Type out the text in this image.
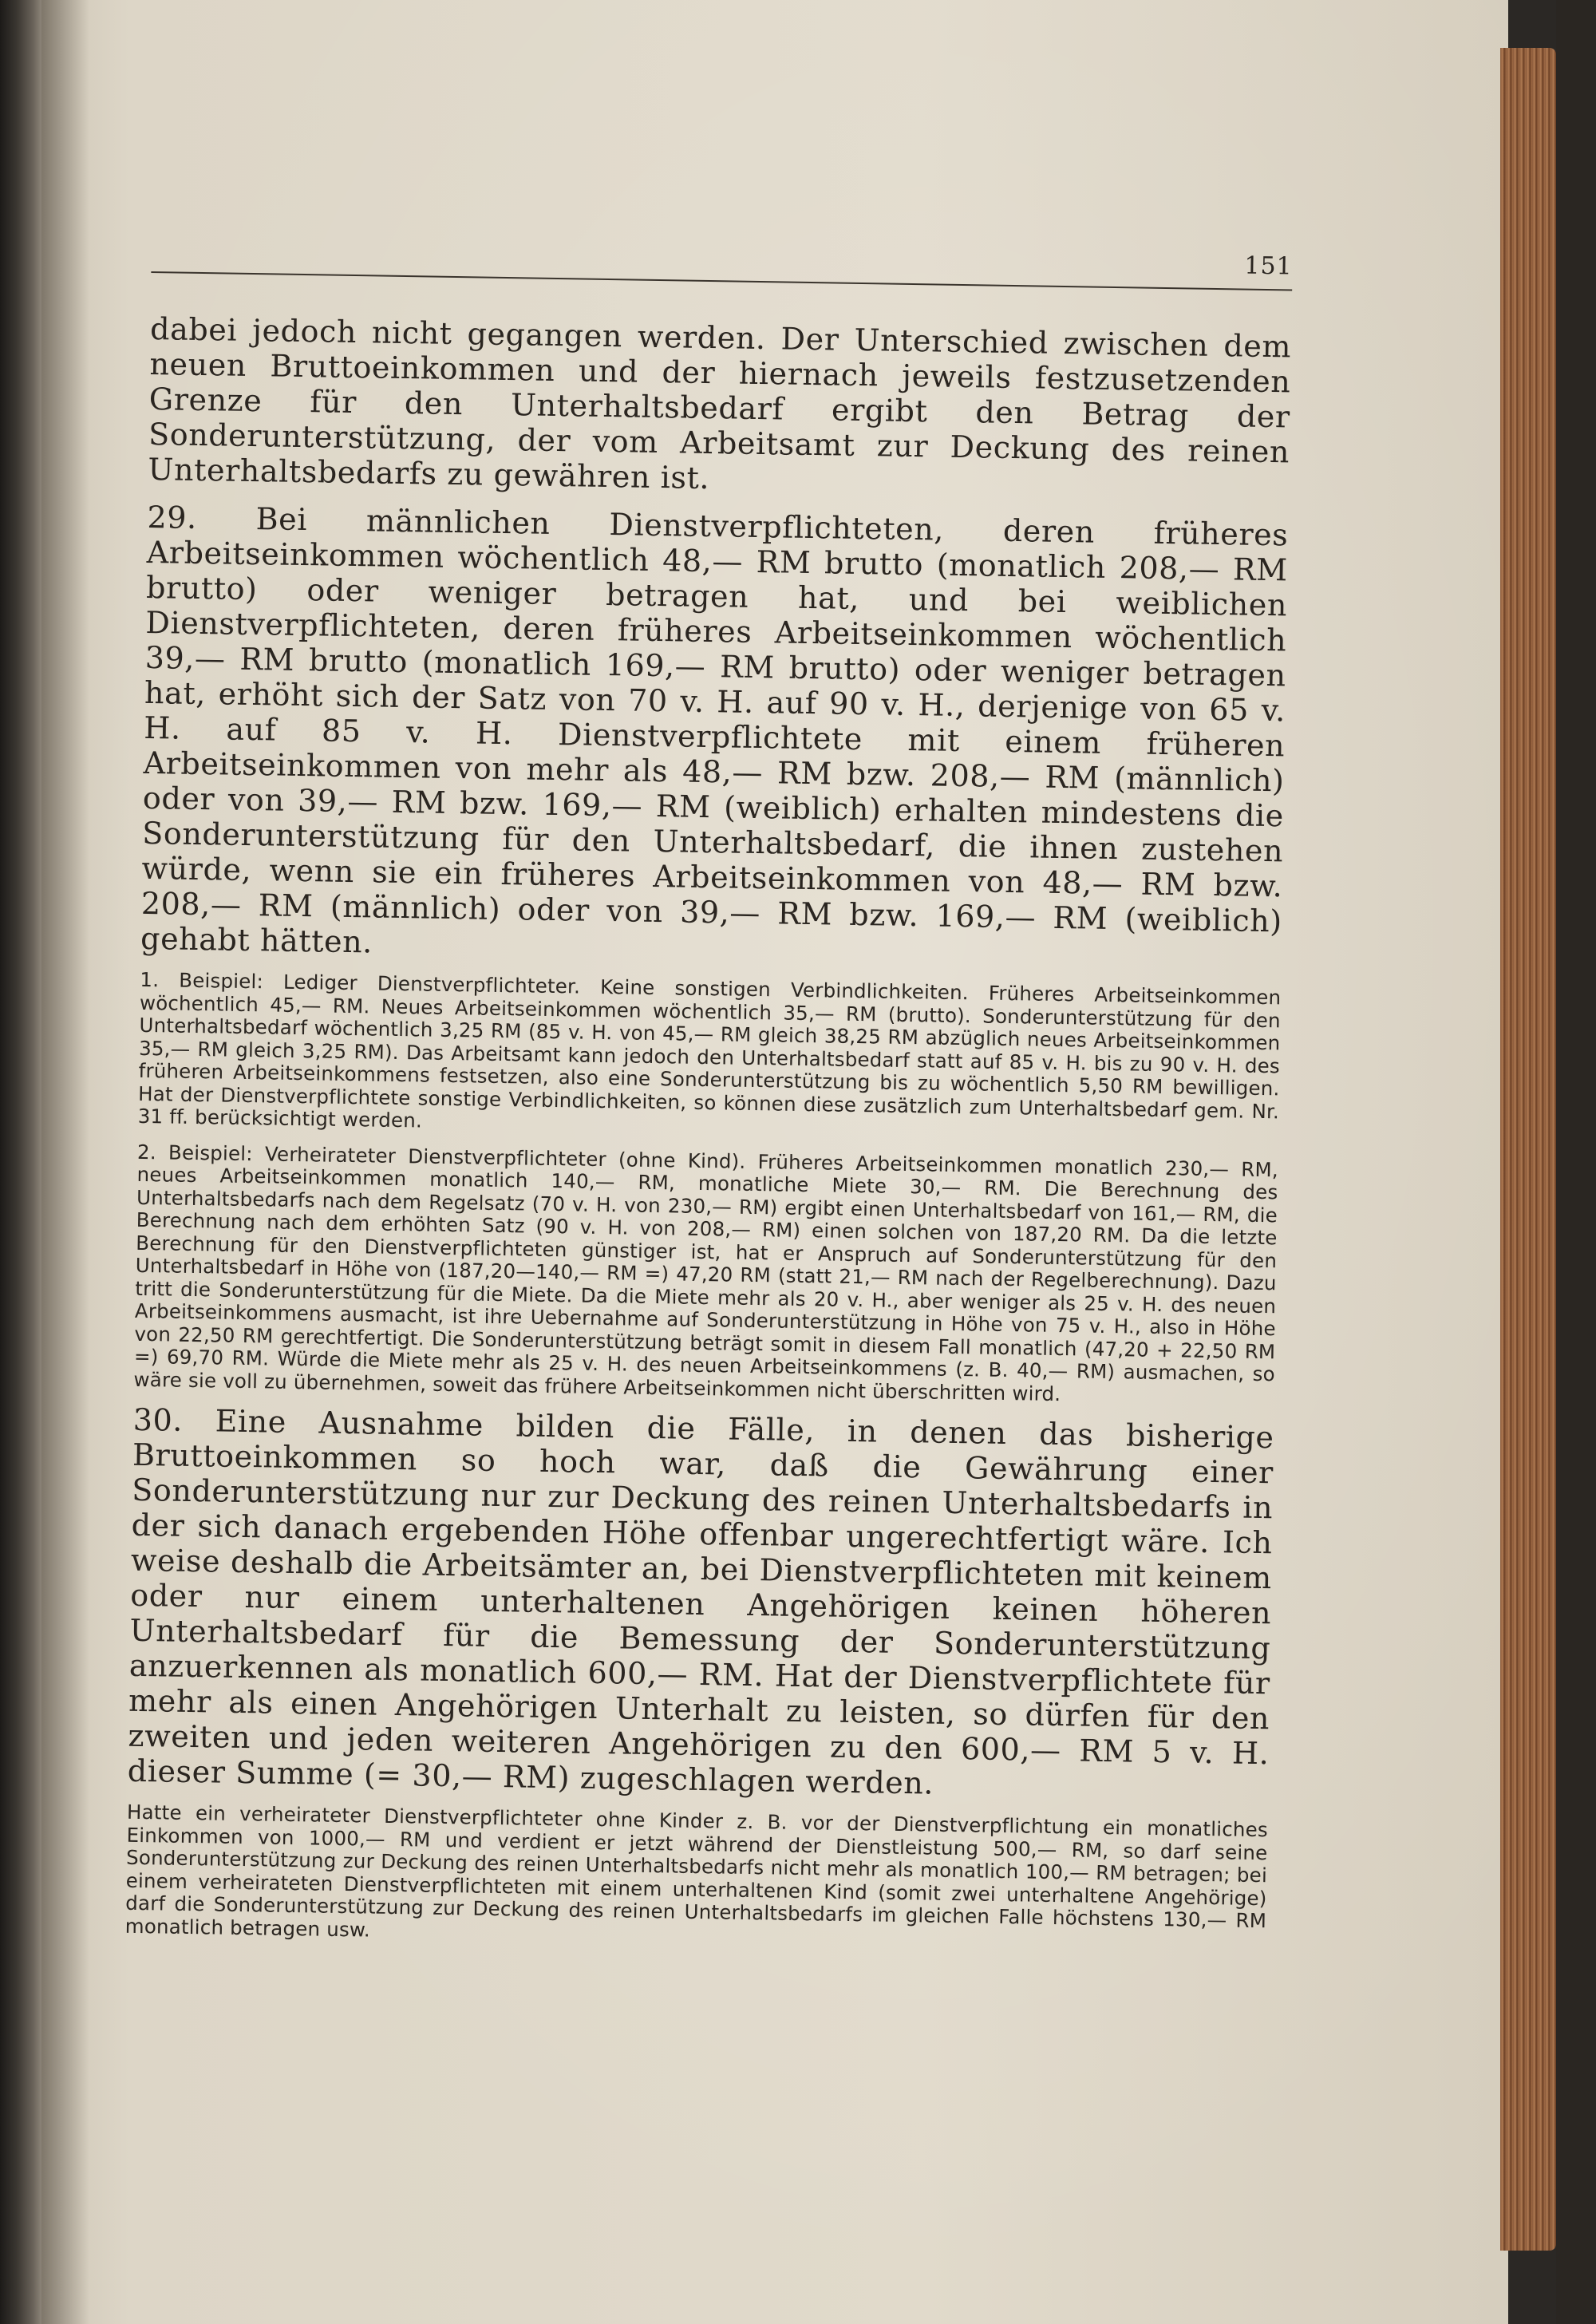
151

dabei jedoch nicht gegangen werden. Der Unterschied zwischen dem neuen Bruttoeinkommen und der hiernach jeweils festzusetzenden Grenze für den Unterhaltsbedarf ergibt den Betrag der Sonderunterstützung, der vom Arbeitsamt zur Deckung des reinen Unterhaltsbedarfs zu gewähren ist.

29. Bei männlichen Dienstverpflichteten, deren früheres Arbeitseinkommen wöchentlich 48,— RM brutto (monatlich 208,— RM brutto) oder weniger betragen hat, und bei weiblichen Dienstverpflichteten, deren früheres Arbeitseinkommen wöchentlich 39,— RM brutto (monatlich 169,— RM brutto) oder weniger betragen hat, erhöht sich der Satz von 70 v. H. auf 90 v. H., derjenige von 65 v. H. auf 85 v. H. Dienstverpflichtete mit einem früheren Arbeitseinkommen von mehr als 48,— RM bzw. 208,— RM (männlich) oder von 39,— RM bzw. 169,— RM (weiblich) erhalten mindestens die Sonderunterstützung für den Unterhaltsbedarf, die ihnen zustehen würde, wenn sie ein früheres Arbeitseinkommen von 48,— RM bzw. 208,— RM (männlich) oder von 39,— RM bzw. 169,— RM (weiblich) gehabt hätten.

1. Beispiel: Lediger Dienstverpflichteter. Keine sonstigen Verbindlichkeiten. Früheres Arbeitseinkommen wöchentlich 45,— RM. Neues Arbeitseinkommen wöchentlich 35,— RM (brutto). Sonderunterstützung für den Unterhaltsbedarf wöchentlich 3,25 RM (85 v. H. von 45,— RM gleich 38,25 RM abzüglich neues Arbeitseinkommen 35,— RM gleich 3,25 RM). Das Arbeitsamt kann jedoch den Unterhaltsbedarf statt auf 85 v. H. bis zu 90 v. H. des früheren Arbeitseinkommens festsetzen, also eine Sonderunterstützung bis zu wöchentlich 5,50 RM bewilligen. Hat der Dienstverpflichtete sonstige Verbindlichkeiten, so können diese zusätzlich zum Unterhaltsbedarf gem. Nr. 31 ff. berücksichtigt werden.

2. Beispiel: Verheirateter Dienstverpflichteter (ohne Kind). Früheres Arbeitseinkommen monatlich 230,— RM, neues Arbeitseinkommen monatlich 140,— RM, monatliche Miete 30,— RM. Die Berechnung des Unterhaltsbedarfs nach dem Regelsatz (70 v. H. von 230,— RM) ergibt einen Unterhaltsbedarf von 161,— RM, die Berechnung nach dem erhöhten Satz (90 v. H. von 208,— RM) einen solchen von 187,20 RM. Da die letzte Berechnung für den Dienstverpflichteten günstiger ist, hat er Anspruch auf Sonderunterstützung für den Unterhaltsbedarf in Höhe von (187,20—140,— RM =) 47,20 RM (statt 21,— RM nach der Regelberechnung). Dazu tritt die Sonderunterstützung für die Miete. Da die Miete mehr als 20 v. H., aber weniger als 25 v. H. des neuen Arbeitseinkommens ausmacht, ist ihre Uebernahme auf Sonderunterstützung in Höhe von 75 v. H., also in Höhe von 22,50 RM gerechtfertigt. Die Sonderunterstützung beträgt somit in diesem Fall monatlich (47,20 + 22,50 RM =) 69,70 RM. Würde die Miete mehr als 25 v. H. des neuen Arbeitseinkommens (z. B. 40,— RM) ausmachen, so wäre sie voll zu übernehmen, soweit das frühere Arbeitseinkommen nicht überschritten wird.

30. Eine Ausnahme bilden die Fälle, in denen das bisherige Bruttoeinkommen so hoch war, daß die Gewährung einer Sonderunterstützung nur zur Deckung des reinen Unterhaltsbedarfs in der sich danach ergebenden Höhe offenbar ungerechtfertigt wäre. Ich weise deshalb die Arbeitsämter an, bei Dienstverpflichteten mit keinem oder nur einem unterhaltenen Angehörigen keinen höheren Unterhaltsbedarf für die Bemessung der Sonderunterstützung anzuerkennen als monatlich 600,— RM. Hat der Dienstverpflichtete für mehr als einen Angehörigen Unterhalt zu leisten, so dürfen für den zweiten und jeden weiteren Angehörigen zu den 600,— RM 5 v. H. dieser Summe (= 30,— RM) zugeschlagen werden.

Hatte ein verheirateter Dienstverpflichteter ohne Kinder z. B. vor der Dienstverpflichtung ein monatliches Einkommen von 1000,— RM und verdient er jetzt während der Dienstleistung 500,— RM, so darf seine Sonderunterstützung zur Deckung des reinen Unterhaltsbedarfs nicht mehr als monatlich 100,— RM betragen; bei einem verheirateten Dienstverpflichteten mit einem unterhaltenen Kind (somit zwei unterhaltene Angehörige) darf die Sonderunterstützung zur Deckung des reinen Unterhaltsbedarfs im gleichen Falle höchstens 130,— RM monatlich betragen usw.
